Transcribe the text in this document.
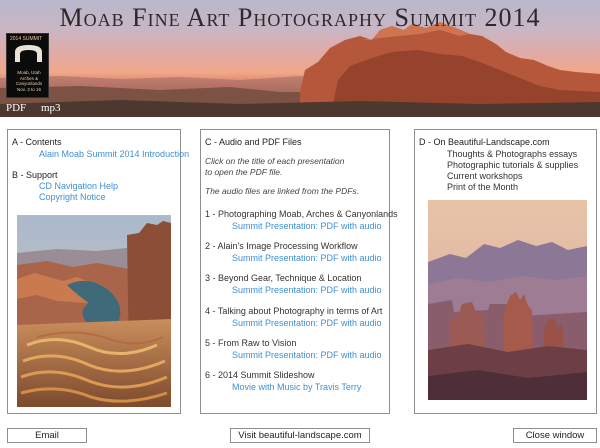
Moab Fine Art Photography Summit 2014
2014 SUMMIT
Moab, Utah
Arches & Canyonlands
Nov. 3 to 16
PDF mp3
A - Contents
Alain Moab Summit 2014 Introduction
B - Support
CD Navigation Help
Copyright Notice
C - Audio and PDF Files
Click on the title of each presentation
to open the PDF file.
The audio files are linked from the PDFs.
1 - Photographing Moab, Arches & Canyonlands
Summit Presentation: PDF with audio
2 - Alain's Image Processing Workflow
Summit Presentation: PDF with audio
3 - Beyond Gear, Technique & Location
Summit Presentation: PDF with audio
4 - Talking about Photography in terms of Art
Summit Presentation: PDF with audio
5 - From Raw to Vision
Summit Presentation: PDF with audio
6 - 2014 Summit Slideshow
Movie with Music by Travis Terry
D - On Beautiful-Landscape.com
Thoughts & Photographs essays
Photographic tutorials & supplies
Current workshops
Print of the Month
Email	Visit beautiful-landscape.com	Close window
